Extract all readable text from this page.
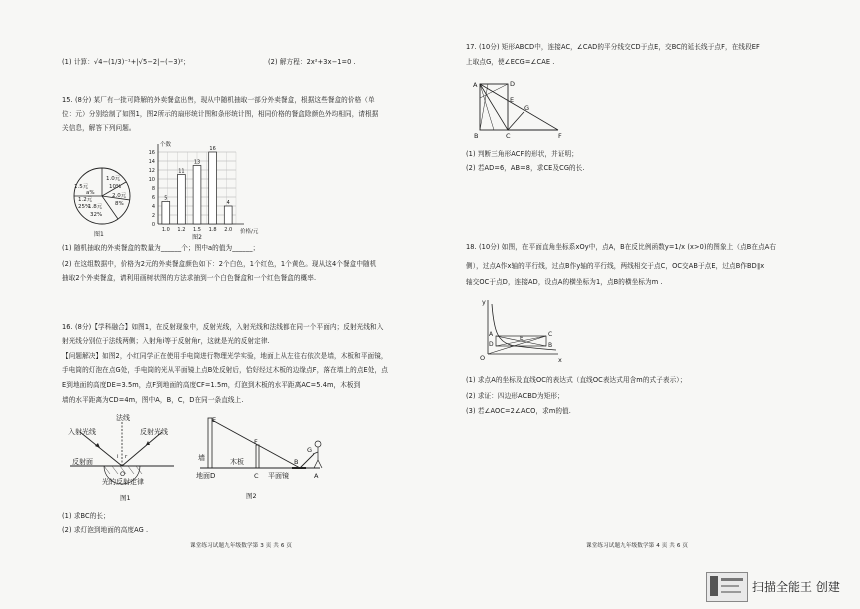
(1) 计算：√4−(1/3)⁻¹+|√5−2|−(−3)²；	(2) 解方程：2x²+3x−1=0 .
15. (8分) 某厂有一批可降解的外卖餐盒出售，现从中随机抽取一部分外卖餐盒，根据这些餐盒的价格（单
位：元）分别绘制了如图1，图2所示的扇形统计图和条形统计图，相同价格的餐盒除颜色外均相同，请根据
关信息，解答下列问题。
1.5元
a%
1.0元
10%
2.0元
8%
1.8元
32%
1.2元
25%
图1
16
14
12
10
8
6
4
2
0
个数
价格/元
5
1.0
11
1.2
13
1.5
16
1.8
4
2.0
图2
(1) 随机抽取的外卖餐盒的数量为______个；图中a的值为______；
(2) 在这组数据中，价格为2元的外卖餐盒颜色如下：2个白色，1个红色，1个黄色。现从这4个餐盒中随机
抽取2个外卖餐盒，请利用画树状图的方法求抽到一个白色餐盒和一个红色餐盒的概率.
16. (8分)【学科融合】如图1，在反射现象中，反射光线，入射光线和法线都在同一个平面内；反射光线和入
射光线分别位于法线两侧；入射角i等于反射角r，这就是光的反射定律.
【问题解决】如图2，小红同学正在使用手电筒进行物理光学实验，地面上从左往右依次是墙，木板和平面镜，
手电筒的灯泡在点G处，手电筒的光从平面镜上点B处反射后，恰好经过木板的边缘点F，落在墙上的点E处，点
E到地面的高度DE=3.5m，点F到地面的高度CF=1.5m，灯泡到木板的水平距离AC=5.4m，木板到
墙的水平距离为CD=4m，图中A，B，C，D在同一条直线上.
入射光线
法线
反射光线
反射面
i r
O
光的反射定律
图1
E
F
G
墙	木板	B
地面D	C 平面镜	A
图2
(1) 求BC的长；
(2) 求灯泡到地面的高度AG .
课堂练习试题九年级数学第 3 页 共 6 页
17. (10分) 矩形ABCD中，连接AC，∠CAD的平分线交CD于点E，交BC的延长线于点F，在线段EF
上取点G，使∠ECG=∠CAE .
A	D
E
G
B	C	F
(1) 判断三角形ACF的形状，并证明；
(2) 若AD=6，AB=8，求CE及CG的长.
18. (10分) 如图，在平面直角坐标系xOy中，点A，B在反比例函数y=1/x (x>0)的图象上（点B在点A右
侧），过点A作x轴的平行线，过点B作y轴的平行线，两线相交于点C，OC交AB于点E，过点B作BD∥x
轴交OC于点D，连接AD，设点A的横坐标为1，点B的横坐标为m .
y
x
O
A	C
D	B
E
(1) 求点A的坐标及直线OC的表达式（直线OC表达式用含m的式子表示）；
(2) 求证：四边形ACBD为矩形；
(3) 若∠AOC=2∠ACO，求m的值.
课堂练习试题九年级数学第 4 页 共 6 页
扫描全能王 创建
